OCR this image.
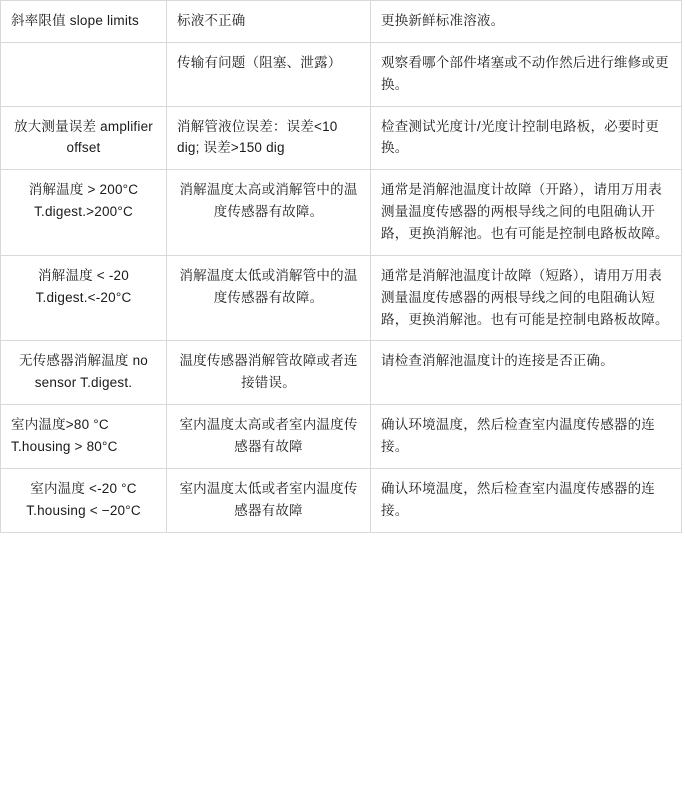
斜率限值 slope limits	标液不正确	更换新鲜标准溶液。
	传输有问题（阻塞、泄露）	观察看哪个部件堵塞或不动作然后进行维修或更换。
放大测量误差 amplifier offset	消解管液位误差：误差<10 dig; 误差>150 dig	检查测试光度计/光度计控制电路板，必要时更换。
消解温度 > 200°C T.digest.>200°C	消解温度太高或消解管中的温度传感器有故障。	通常是消解池温度计故障（开路），请用万用表测量温度传感器的两根导线之间的电阻确认开路，更换消解池。也有可能是控制电路板故障。
消解温度 < -20 T.digest.<-20°C	消解温度太低或消解管中的温度传感器有故障。	通常是消解池温度计故障（短路），请用万用表测量温度传感器的两根导线之间的电阻确认短路，更换消解池。也有可能是控制电路板故障。
无传感器消解温度 no sensor T.digest.	温度传感器消解管故障或者连接错误。	请检查消解池温度计的连接是否正确。
室内温度>80 °C T.housing > 80°C	室内温度太高或者室内温度传感器有故障	确认环境温度，然后检查室内温度传感器的连接。
室内温度 <-20 °C T.housing < −20°C	室内温度太低或者室内温度传感器有故障	确认环境温度，然后检查室内温度传感器的连接。
